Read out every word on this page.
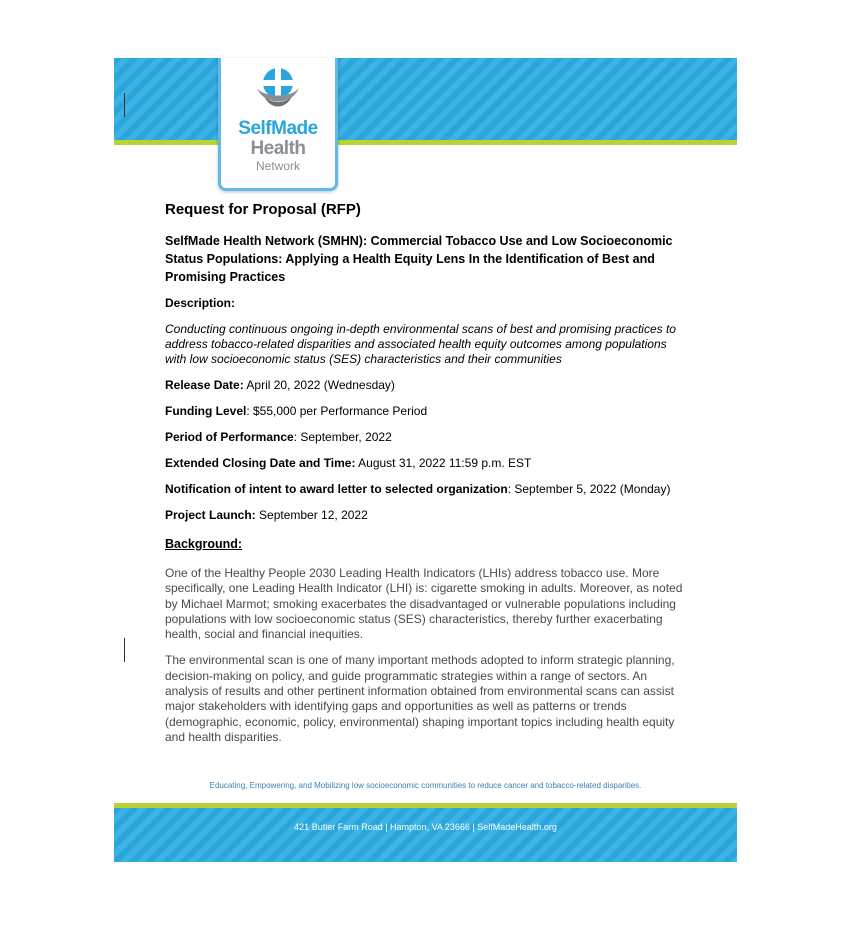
SelfMade
Health
Network
Request for Proposal (RFP)
SelfMade Health Network (SMHN): Commercial Tobacco Use and Low Socioeconomic Status Populations: Applying a Health Equity Lens In the Identification of Best and Promising Practices
Description:
Conducting continuous ongoing in-depth environmental scans of best and promising practices to address tobacco-related disparities and associated health equity outcomes among populations with low socioeconomic status (SES) characteristics and their communities
Release Date: April 20, 2022 (Wednesday)
Funding Level: $55,000 per Performance Period
Period of Performance: September, 2022
Extended Closing Date and Time: August 31, 2022 11:59 p.m. EST
Notification of intent to award letter to selected organization: September 5, 2022 (Monday)
Project Launch: September 12, 2022
Background:
One of the Healthy People 2030 Leading Health Indicators (LHIs) address tobacco use. More specifically, one Leading Health Indicator (LHI) is: cigarette smoking in adults. Moreover, as noted by Michael Marmot; smoking exacerbates the disadvantaged or vulnerable populations including populations with low socioeconomic status (SES) characteristics, thereby further exacerbating health, social and financial inequities.
The environmental scan is one of many important methods adopted to inform strategic planning, decision-making on policy, and guide programmatic strategies within a range of sectors. An analysis of results and other pertinent information obtained from environmental scans can assist major stakeholders with identifying gaps and opportunities as well as patterns or trends (demographic, economic, policy, environmental) shaping important topics including health equity and health disparities.
Educating, Empowering, and Mobilizing low socioeconomic communities to reduce cancer and tobacco-related disparities.
421 Butler Farm Road | Hampton, VA 23666 | SelfMadeHealth.org
